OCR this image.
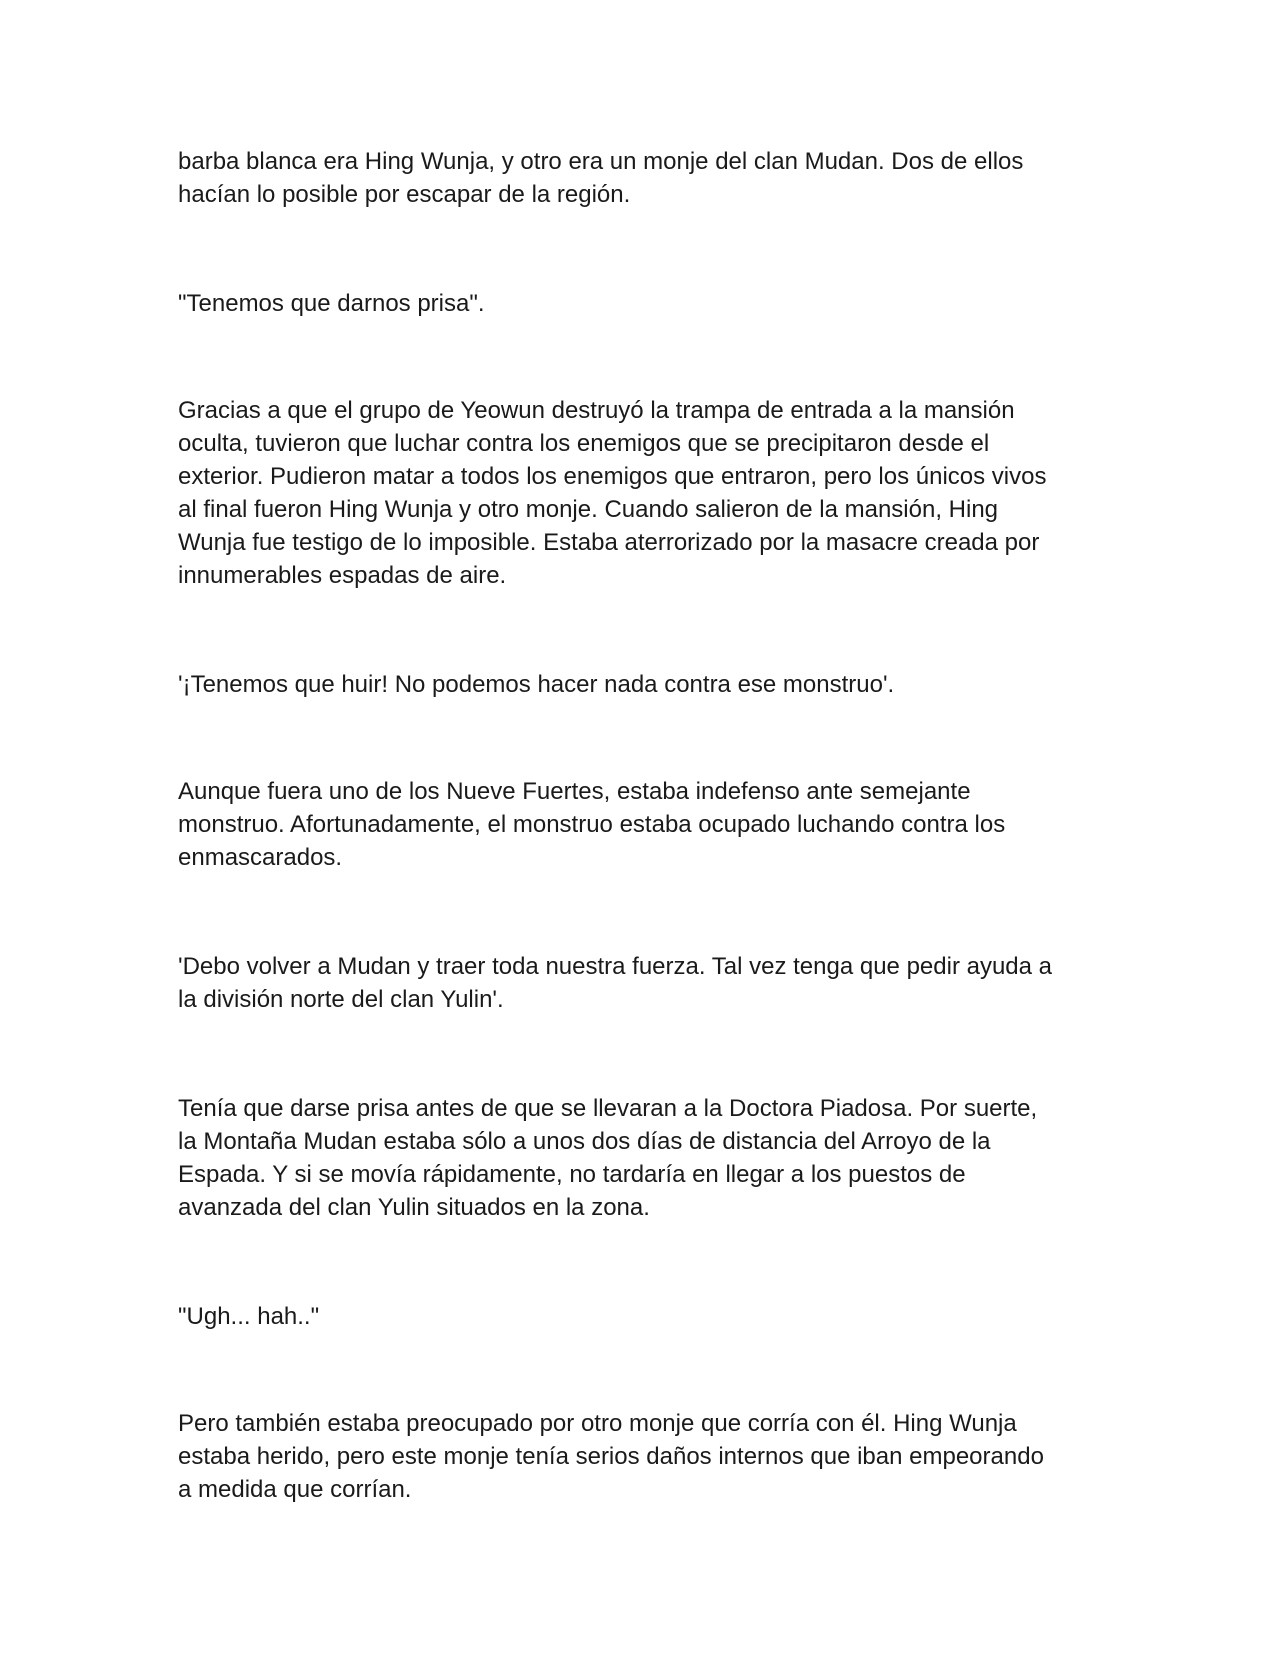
barba blanca era Hing Wunja, y otro era un monje del clan Mudan. Dos de ellos
hacían lo posible por escapar de la región.

"Tenemos que darnos prisa".

Gracias a que el grupo de Yeowun destruyó la trampa de entrada a la mansión
oculta, tuvieron que luchar contra los enemigos que se precipitaron desde el
exterior. Pudieron matar a todos los enemigos que entraron, pero los únicos vivos
al final fueron Hing Wunja y otro monje. Cuando salieron de la mansión, Hing
Wunja fue testigo de lo imposible. Estaba aterrorizado por la masacre creada por
innumerables espadas de aire.

'¡Tenemos que huir! No podemos hacer nada contra ese monstruo'.

Aunque fuera uno de los Nueve Fuertes, estaba indefenso ante semejante
monstruo. Afortunadamente, el monstruo estaba ocupado luchando contra los
enmascarados.

'Debo volver a Mudan y traer toda nuestra fuerza. Tal vez tenga que pedir ayuda a
la división norte del clan Yulin'.

Tenía que darse prisa antes de que se llevaran a la Doctora Piadosa. Por suerte,
la Montaña Mudan estaba sólo a unos dos días de distancia del Arroyo de la
Espada. Y si se movía rápidamente, no tardaría en llegar a los puestos de
avanzada del clan Yulin situados en la zona.

"Ugh... hah.."

Pero también estaba preocupado por otro monje que corría con él. Hing Wunja
estaba herido, pero este monje tenía serios daños internos que iban empeorando
a medida que corrían.
